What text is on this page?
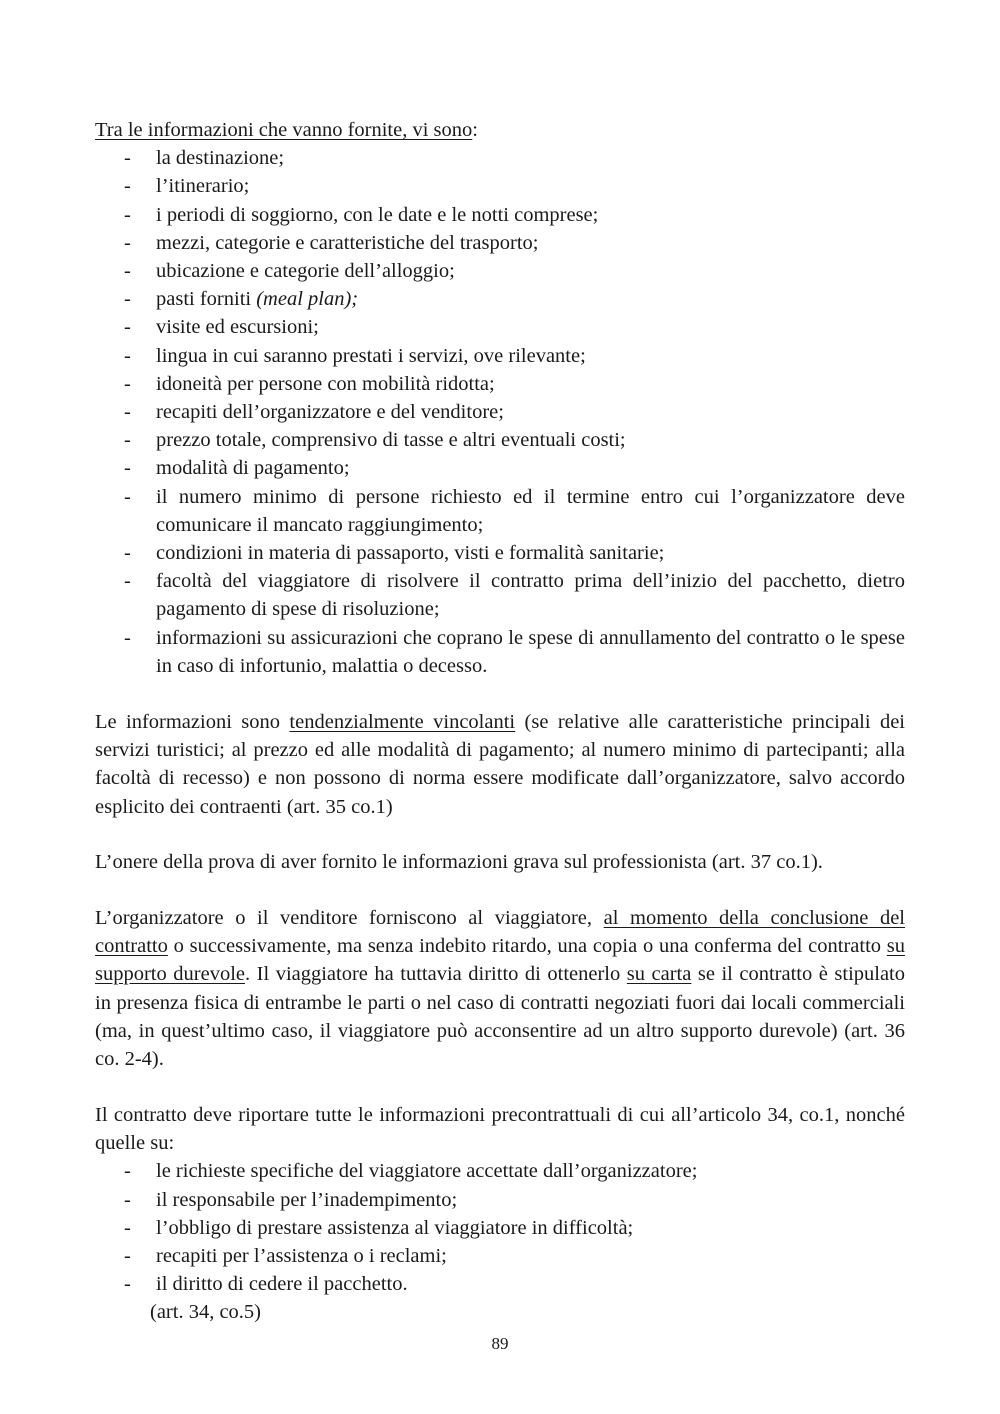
Tra le informazioni che vanno fornite, vi sono:

- la destinazione;
- l’itinerario;
- i periodi di soggiorno, con le date e le notti comprese;
- mezzi, categorie e caratteristiche del trasporto;
- ubicazione e categorie dell’alloggio;
- pasti forniti (meal plan);
- visite ed escursioni;
- lingua in cui saranno prestati i servizi, ove rilevante;
- idoneità per persone con mobilità ridotta;
- recapiti dell’organizzatore e del venditore;
- prezzo totale, comprensivo di tasse e altri eventuali costi;
- modalità di pagamento;
- il numero minimo di persone richiesto ed il termine entro cui l’organizzatore deve comunicare il mancato raggiungimento;
- condizioni in materia di passaporto, visti e formalità sanitarie;
- facoltà del viaggiatore di risolvere il contratto prima dell’inizio del pacchetto, dietro pagamento di spese di risoluzione;
- informazioni su assicurazioni che coprano le spese di annullamento del contratto o le spese in caso di infortunio, malattia o decesso.

Le informazioni sono tendenzialmente vincolanti (se relative alle caratteristiche principali dei servizi turistici; al prezzo ed alle modalità di pagamento; al numero minimo di partecipanti; alla facoltà di recesso) e non possono di norma essere modificate dall’organizzatore, salvo accordo esplicito dei contraenti (art. 35 co.1)

L’onere della prova di aver fornito le informazioni grava sul professionista (art. 37 co.1).

L’organizzatore o il venditore forniscono al viaggiatore, al momento della conclusione del contratto o successivamente, ma senza indebito ritardo, una copia o una conferma del contratto su supporto durevole. Il viaggiatore ha tuttavia diritto di ottenerlo su carta se il contratto è stipulato in presenza fisica di entrambe le parti o nel caso di contratti negoziati fuori dai locali commerciali (ma, in quest’ultimo caso, il viaggiatore può acconsentire ad un altro supporto durevole) (art. 36 co. 2-4).

Il contratto deve riportare tutte le informazioni precontrattuali di cui all’articolo 34, co.1, nonché quelle su:

- le richieste specifiche del viaggiatore accettate dall’organizzatore;
- il responsabile per l’inadempimento;
- l’obbligo di prestare assistenza al viaggiatore in difficoltà;
- recapiti per l’assistenza o i reclami;
- il diritto di cedere il pacchetto.

(art. 34, co.5)

89
